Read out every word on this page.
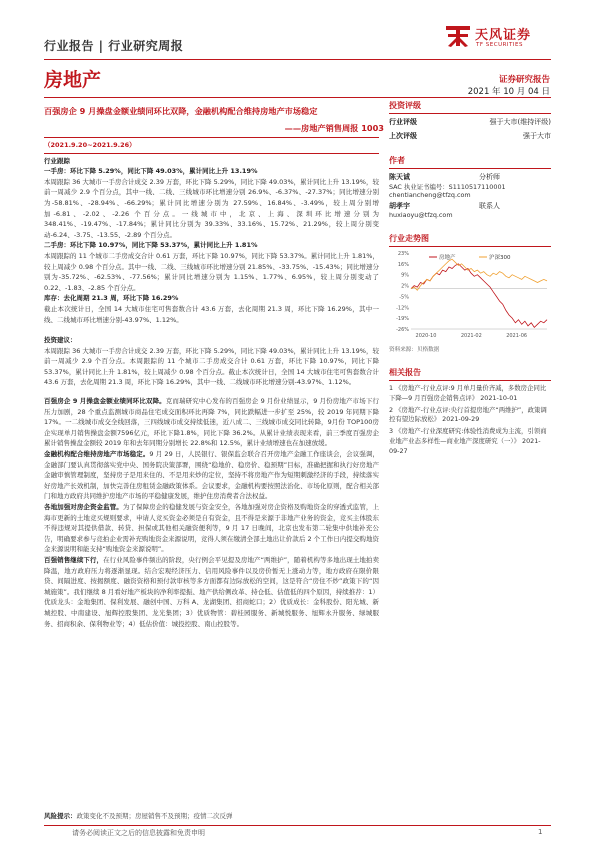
行业报告 | 行业研究周报
天风证券
TF SECURITIES
房地产	证券研究报告
2021 年 10 月 04 日
百强房企 9 月操盘金额业绩同环比双降，金融机构配合维持房地产市场稳定
——房地产销售周报 1003
（2021.9.20~2021.9.26）
行业跟踪
一手房：环比下降 5.29%，同比下降 49.03%，累计同比上升 13.19%
本周跟踪 36 大城市一手房合计成交 2.39 万套，环比下降 5.29%，同比下降 49.03%，累计同比上升 13.19%，较前一周减少 2.9 个百分点，其中一线、二线、三线城市环比增速分别 26.9%、-6.37%、-27.37%；同比增速分别为-58.81%、-28.94%、-66.29%；累计同比增速分别为 27.59%、16.84%、-3.49%，较上周分别增加-6.81、-2.02、-2.26 个百分点。一线城市中，北京、上海、深圳环比增速分别为 348.41%、-19.47%、-17.84%；累计同比分别为 39.33%、33.16%、15.72%、21.29%，较上周分别变动-6.24、-3.75、-13.55、-2.89 个百分点。
二手房：环比下降 10.97%，同比下降 53.37%，累计同比上升 1.81%
本周跟踪的 11 个城市二手房成交合计 0.61 万套，环比下降 10.97%，同比下降 53.37%。累计同比上升 1.81%，较上周减少 0.98 个百分点。其中一线、二线、三线城市环比增速分别 21.85%、-33.75%、-15.43%；同比增速分别为-35.72%、-62.53%、-77.56%；累计同比增速分别为 1.15%、1.77%、6.95%，较上周分别变动了 0.22、-1.83、-2.85 个百分点。
库存：去化周期 21.3 周，环比下降 16.29%
截止本次统计日，全国 14 大城市住宅可售套数合计 43.6 万套，去化周期 21.3 周，环比下降 16.29%，其中一线、二线城市环比增速分别-43.97%、1.12%。
投资建议：
本周跟踪 36 大城市一手房合计成交 2.39 万套，环比下降 5.29%，同比下降 49.03%，累计同比上升 13.19%，较前一周减少 2.9 个百分点。本周跟踪的 11 个城市二手房成交合计 0.61 万套，环比下降 10.97%，同比下降 53.37%，累计同比上升 1.81%，较上周减少 0.98 个百分点。截止本次统计日，全国 14 大城市住宅可售套数合计 43.6 万套，去化周期 21.3 周，环比下降 16.29%，其中一线、二线城市环比增速分别-43.97%、1.12%。
百强房企 9 月操盘金额业绩同环比双降。克而瑞研究中心发布的百强房企 9 月份业绩显示，9 月份房地产市场下行压力加剧，28 个重点监测城市商品住宅成交面积环比再降 7%，同比跌幅进一步扩至 25%，较 2019 年同期下降 17%。一二线城市成交全线回落，三四线城市成交持续低迷，近八成二、三线城市成交同比转降，9月份 TOP100房企实现单月销售操盘金额7596亿元，环比下降1.8%，同比下降 36.2%。从累计业绩表现来看，前三季度百强房企累计销售操盘金额较 2019 年和去年同期分别增长 22.8%和 12.5%，累计业绩增速也在加速放缓。
金融机构配合维持房地产市场稳定。9 月 29 日，人民银行、银保监会联合召开房地产金融工作座谈会，会议强调，金融部门要认真贯彻落实党中央、国务院决策部署，围绕“稳地价、稳房价、稳预期”目标，准确把握和执行好房地产金融审慎管理制度，坚持房子是用来住的、不是用来炒的定位，坚持不将房地产作为短期刺激经济的手段，持续落实好房地产长效机制，加快完善住房租赁金融政策体系。会议要求，金融机构要按照法治化、市场化原则，配合相关部门和地方政府共同维护房地产市场的平稳健康发展，维护住房消费者合法权益。
各地加强对房企资金监管。为了保障房企的稳健发展与资金安全，各地加强对房企资格及购地资金的穿透式监管，上海市更新的土地竞买规则要求，申请人竞买资金必须是自有资金，且不得是来源于非地产业务的资金，竞买主体股东不得违规对其提供借款、转贷、担保或其他相关融资便利等，9 月 17 日晚间，北京也发布第二轮集中供地补充公告，明确要求参与竞拍企业需补充购地资金来源说明，竞得人须在缴清全部土地出让价款后 2 个工作日内提交购地资金来源说明和能支持“购地资金来源说明”。
百强销售继续下行，在行业风险事件频出的阶段，央行例会平见提及房地产“两维护”，随着机构等多地出现土地拍卖降温，地方政府压力将逐渐显现。结合宏观经济压力、信用风险事件以及房价暂无上涨动力等，地方政府在限价限贷、间隔进度、按揭额度、融资资格和预付款审核等多方面都有边际放松的空间，这是符合“房住不炒”政策下的“因城施策”。我们继续 8 月看好地产板块的净利率提振、地产供给侧改革、持仓低、估值低的四个原因，持续推荐：1）优质龙头：金地集团、保利发展、融创中国、万科 A、龙湖集团、招商蛇口；2）优质成长：金科股份、阳光城、新城控股、中南建设、旭辉控股集团、龙光集团；3）优质物管：碧桂园服务、新城悦服务、旭辉永升服务、绿城服务、招商积余、保利物业等；4）低估价值：城投控股、南山控股等。
投资评级
行业评级	强于大市(维持评级)
上次评级	强于大市
作者
陈天诚	分析师
SAC 执业证书编号：S1110517110001
chentiancheng@tfzq.com
胡孝宇	联系人
huxiaoyu@tfzq.com
行业走势图
23%
16%
9%
2%
-5%
-12%
-19%
-26%
房地产	沪深300
2020-10	2021-02	2021-06
资料来源：贝格数据
相关报告
1 《房地产-行业点评:9 月单月量价齐减，多数房企同比下降—9 月百强房企销售点评》 2021-10-01
2 《房地产-行业点评:央行首提房地产“两维护”，政策调控有望边际放松》 2021-09-29
3 《房地产-行业深度研究:体验性消费成为主流，引领商业地产业态多样性—商业地产深度研究（一）》 2021-09-27
风险提示：政策变化不及预期；房屋销售不及预期；疫情二次反弹
请务必阅读正文之后的信息披露和免责申明	1
